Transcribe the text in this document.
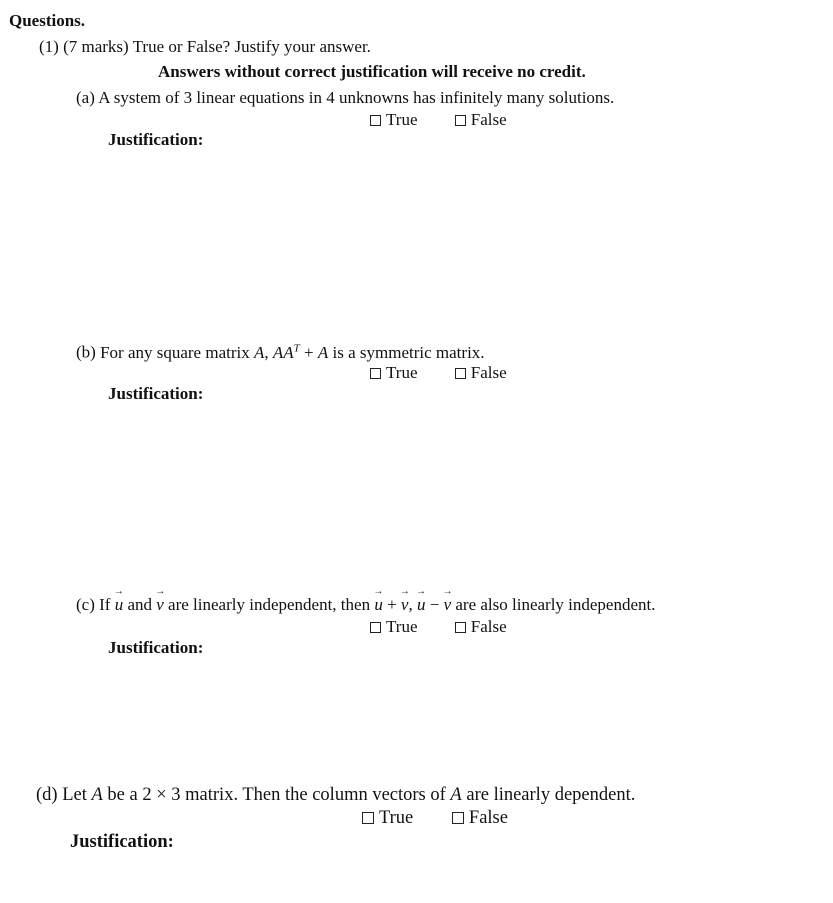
Questions.
(1) (7 marks) True or False? Justify your answer.
Answers without correct justification will receive no credit.
(a) A system of 3 linear equations in 4 unknowns has infinitely many solutions.
True	False
Justification:
(b) For any square matrix A, $AA^T + A$ is a symmetric matrix.
True	False
Justification:
(c) If → u and → v are linearly independent, then → u + → v, → u − → v are also linearly independent.
True	False
Justification:
(d) Let A be a 2 × 3 matrix. Then the column vectors of A are linearly dependent.
True	False
Justification:
